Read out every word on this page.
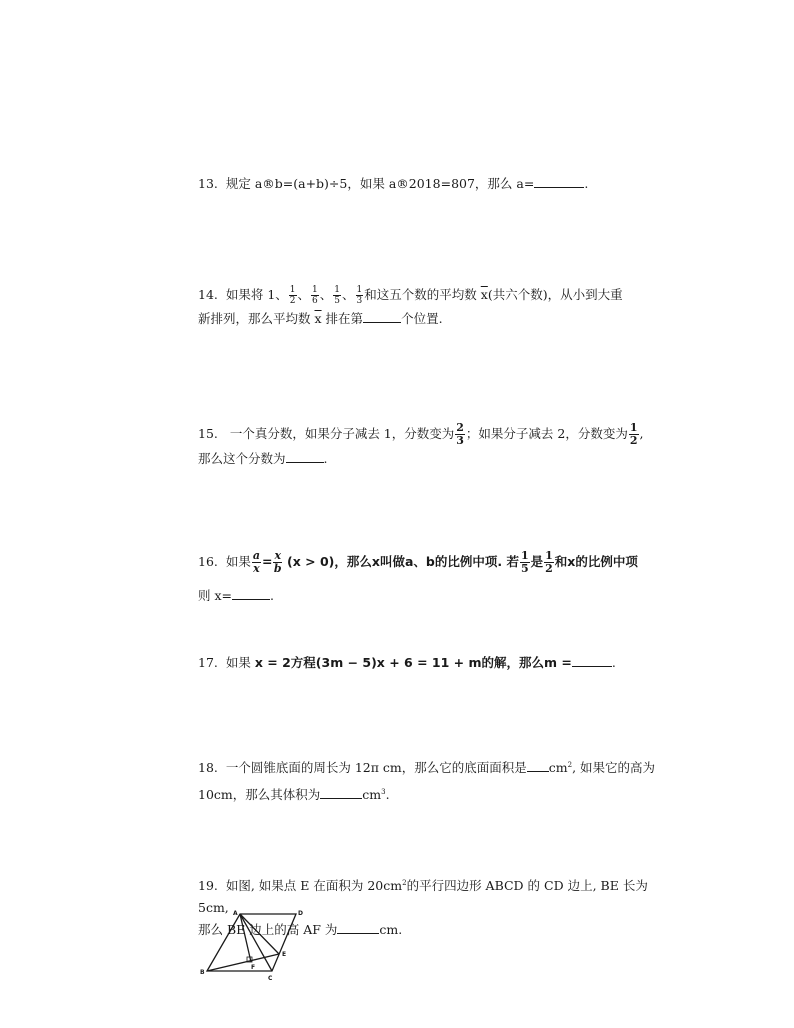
13. 规定 a®b=(a+b)÷5，如果 a®2018=807，那么 a=	.
14. 如果将 1、 $\frac{1}{2}$ 、 $\frac{1}{6}$ 、 $\frac{1}{5}$ 、 $\frac{1}{3}$ 和这五个数的平均数 $\overline{x}$(共六个数)，从小到大重
新排列，那么平均数 $\overline{x}$ 排在第	个位置.
15. 一个真分数，如果分子减去 1，分数变为 $\frac{2}{3}$ ；如果分子减去 2，分数变为 $\frac{1}{2}$ ,
那么这个分数为	.
16. 如果 $\frac{a}{x} = \frac{x}{b} (x > 0)$，那么x叫做a、b的比例中项. 若 $\frac{1}{5}$ 是 $\frac{1}{2}$ 和x的比例中项
则 x=	.
17. 如果 x = 2方程(3m − 5)x + 6 = 11 + m的解，那么m =	.
18. 一个圆锥底面的周长为 12π cm，那么它的底面面积是 $cm^2$, 如果它的高为
10cm，那么其体积为	$cm^3$.
19. 如图, 如果点 E 在面积为 $20cm^2$的平行四边形 ABCD 的 CD 边上, BE 长为 5cm,
那么 BE 边上的高 AF 为	cm.
A	D
B
C
E
F
